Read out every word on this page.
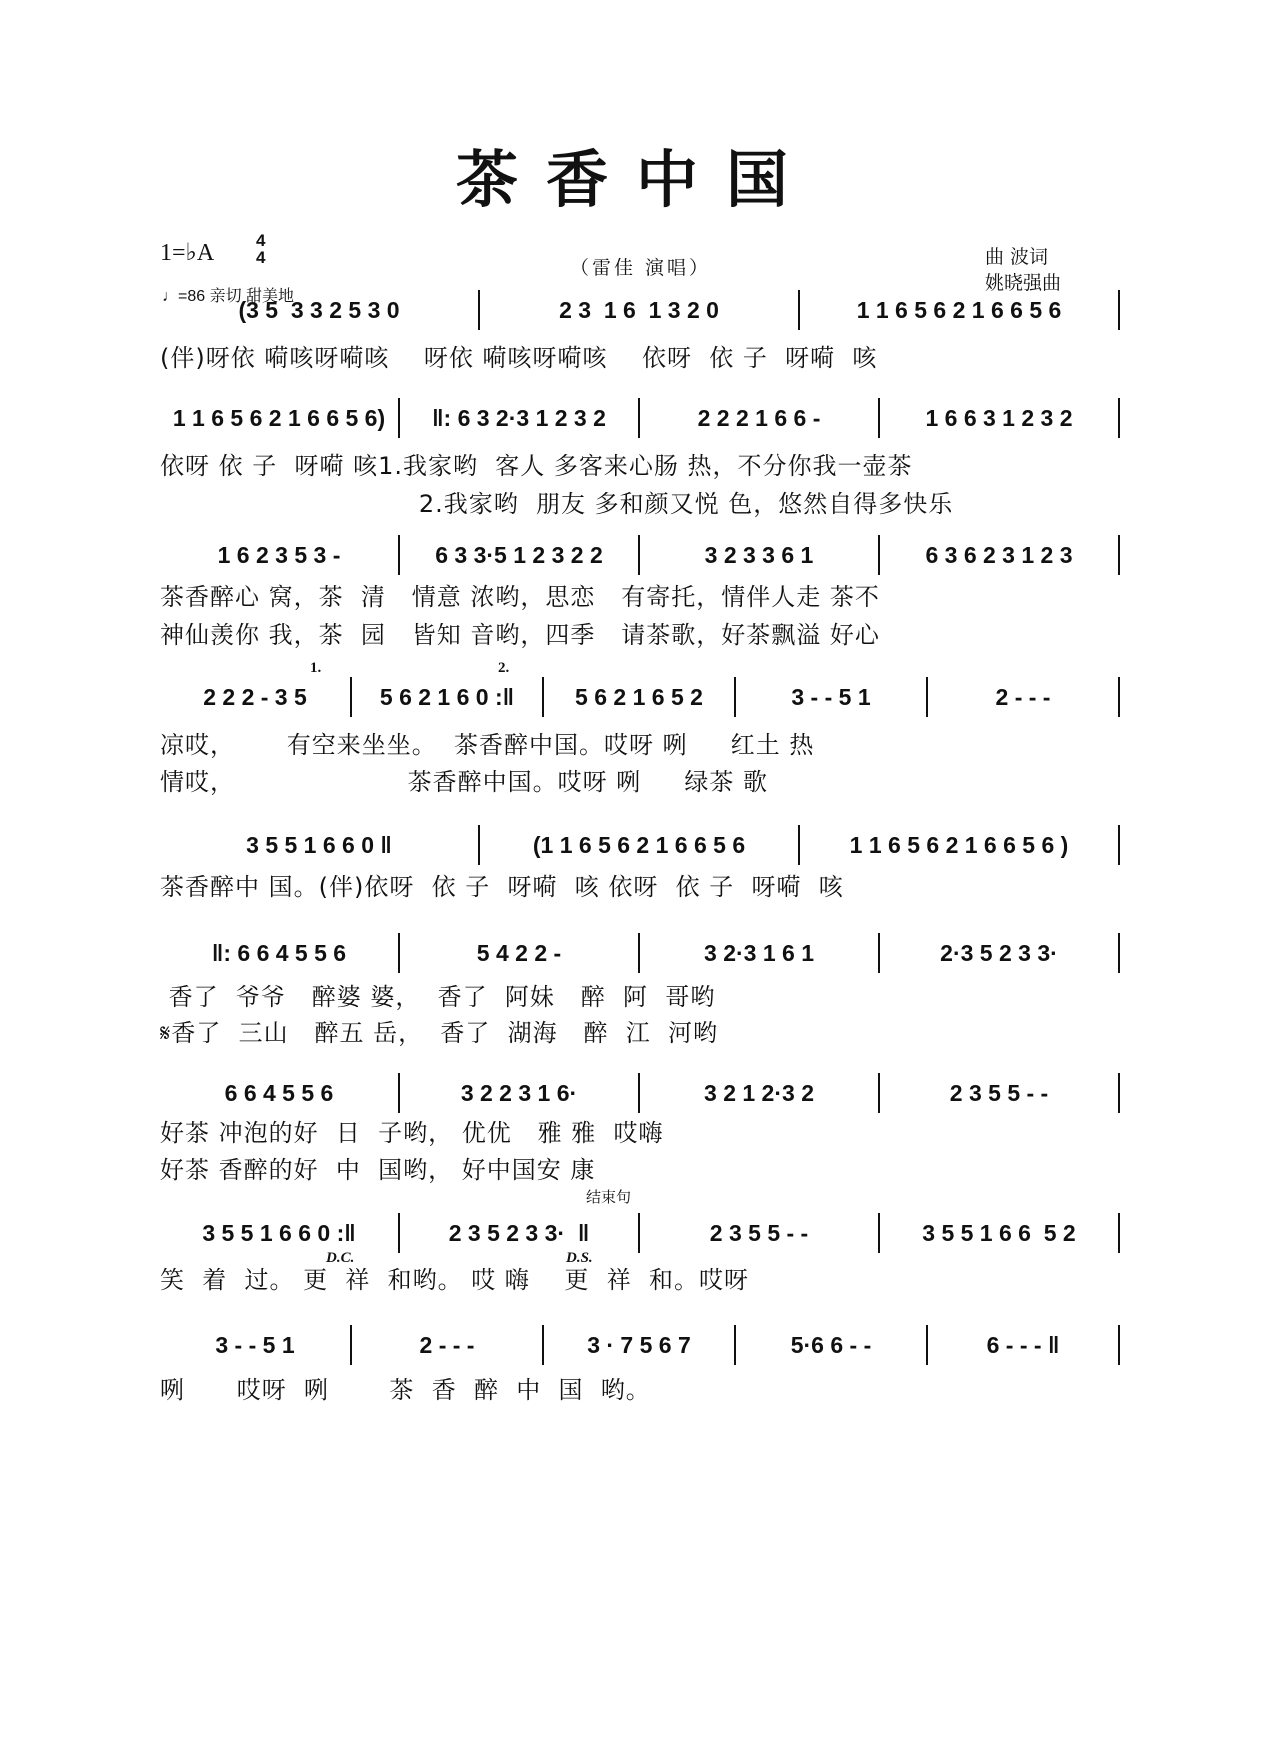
茶香中国
1=♭A 4
4
♩=86 亲切 甜美地
（雷佳 演唱）	曲 波词
姚晓强曲
1.	2.
D.C.	D.S.
结束句
(3 5  3 3 2 5 3 0	2 3  1 6  1 3 2 0	1 1 6 5 6 2 1 6 6 5 6
(伴)呀依 嗬咳呀嗬咳    呀依 嗬咳呀嗬咳    依呀  依 子  呀嗬  咳
1 1 6 5 6 2 1 6 6 5 6)	‖: 6 3 2·3 1 2 3 2	2 2 2 1 6 6 -	1 6 6 3 1 2 3 2
依呀 依 子  呀嗬 咳1.我家哟  客人 多客来心肠 热，不分你我一壶茶
2.我家哟  朋友 多和颜又悦 色，悠然自得多快乐
1 6 2 3 5 3 -	6 3 3·5 1 2 3 2 2	3 2 3 3 6 1	6 3 6 2 3 1 2 3
茶香醉心 窝，茶  清   情意 浓哟，思恋   有寄托，情伴人走 茶不
神仙羡你 我，茶  园   皆知 音哟，四季   请茶歌，好茶飘溢 好心
2 2 2 - 3 5	5 6 2 1 6 0 :‖	5 6 2 1 6 5 2	3 - - 5 1	2 - - -
凉哎，      有空来坐坐。  茶香醉中国。哎呀 咧     红土 热
情哎，                    茶香醉中国。哎呀 咧     绿茶 歌
3 5 5 1 6 6 0 ‖	(1 1 6 5 6 2 1 6 6 5 6	1 1 6 5 6 2 1 6 6 5 6 )
茶香醉中 国。(伴)依呀  依 子  呀嗬  咳 依呀  依 子  呀嗬  咳
‖: 6 6 4 5 5 6	5 4 2 2 -	3 2·3 1 6 1	2·3 5 2 3 3·
香了  爷爷   醉婆 婆，  香了  阿妹   醉  阿  哥哟
𝄋香了  三山   醉五 岳，  香了  湖海   醉  江  河哟
6 6 4 5 5 6	3 2 2 3 1 6·	3 2 1 2·3 2	2 3 5 5 - -
好茶 冲泡的好  日  子哟， 优优   雅 雅  哎嗨
好茶 香醉的好  中  国哟， 好中国安 康
3 5 5 1 6 6 0 :‖	2 3 5 2 3 3·  ‖	2 3 5 5 - -	3 5 5 1 6 6  5 2
笑  着  过。 更  祥  和哟。 哎 嗨    更  祥  和。哎呀
3 - - 5 1	2 - - -	3 · 7 5 6 7	5·6 6 - -	6 - - - ‖
咧      哎呀  咧       茶  香  醉  中  国  哟。
